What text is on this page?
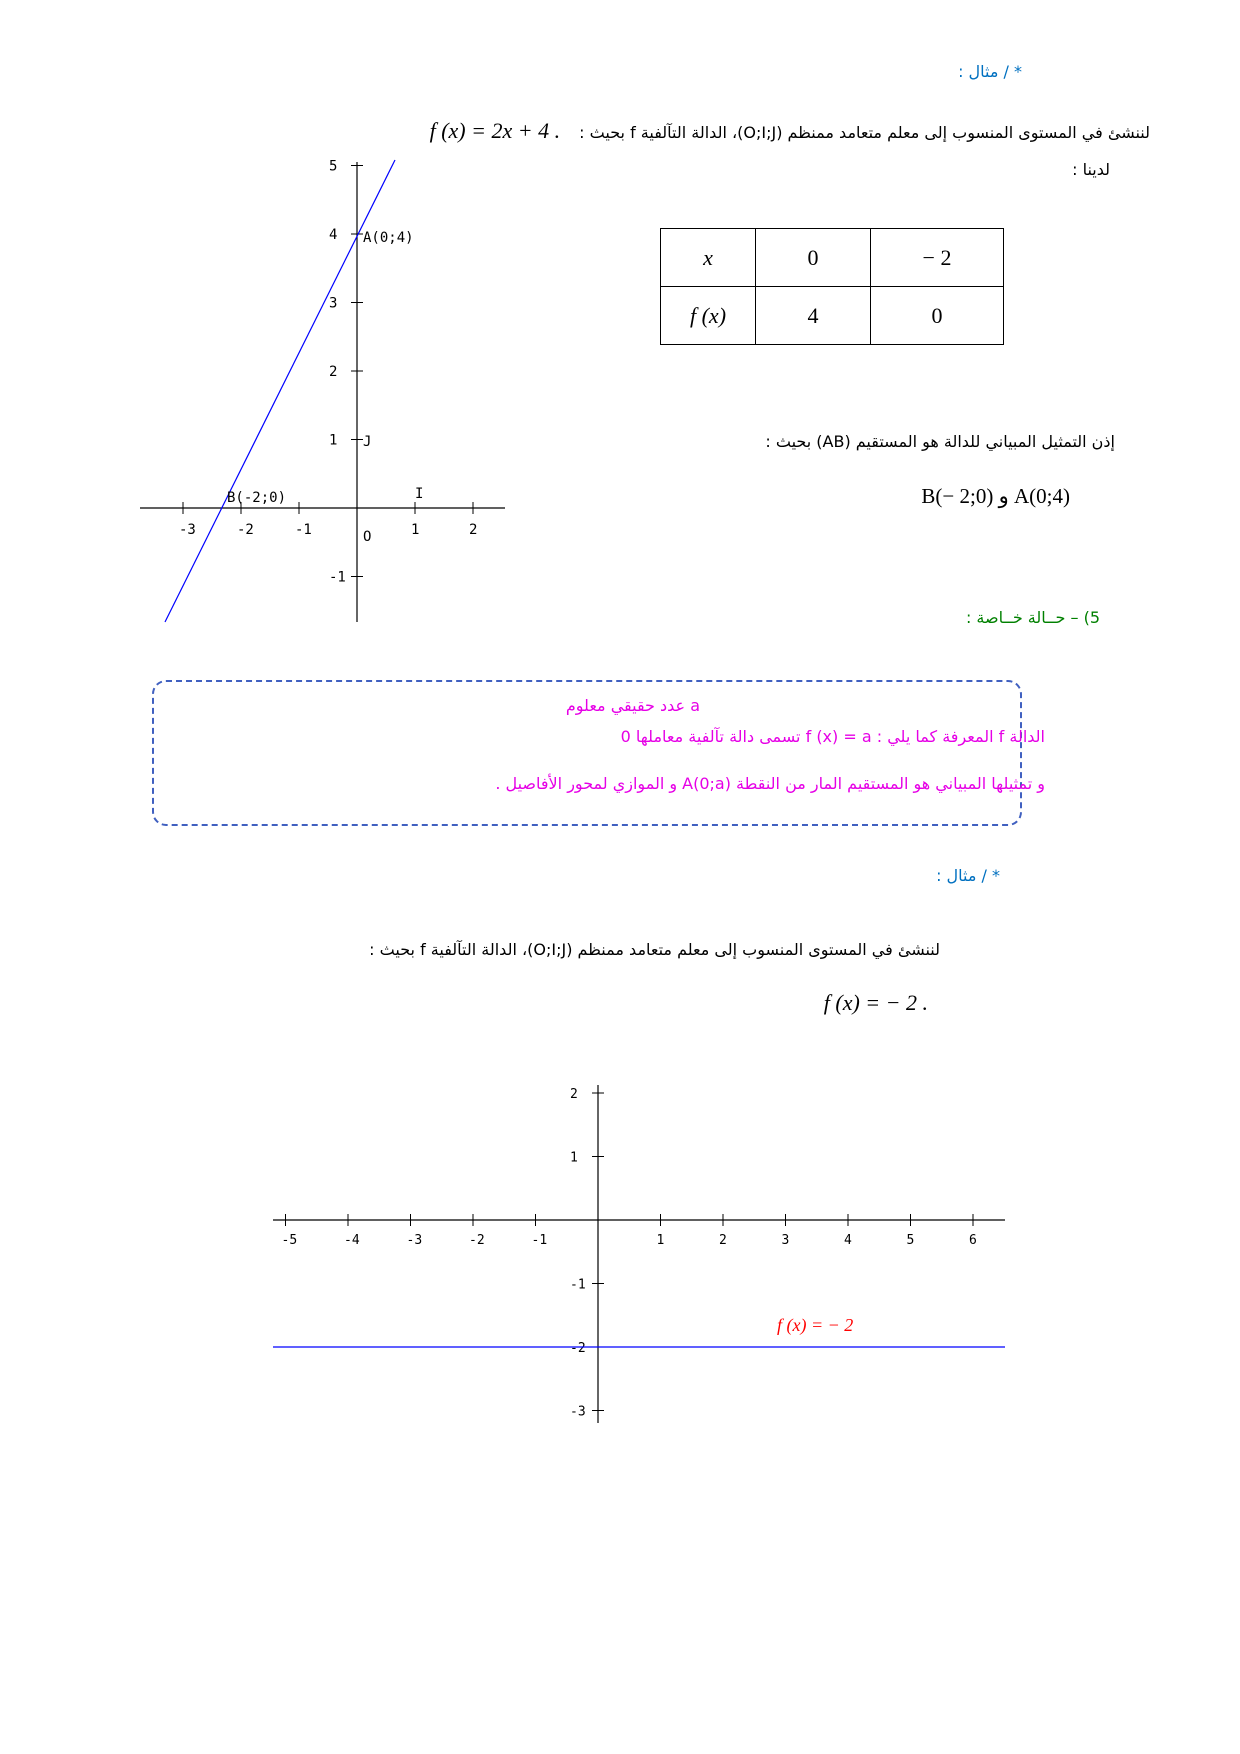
* / مثال :
لننشئ في المستوى المنسوب إلى معلم متعامد ممنظم (O;I;J)، الدالة التآلفية f بحيث : . f (x) = 2x + 4
لدينا :
x	0	− 2
f (x)	4	0
إذن التمثيل المبياني للدالة هو المستقيم (AB) بحيث :
A(0;4) و B(− 2;0)
-3	-2	-1	1	2
5
4
3
2
1
-1
O
I
J
A(0;4)
B(-2;0)
5) – حــالة خــاصة :
a عدد حقيقي معلوم
الدالة f المعرفة كما يلي : f (x) = a تسمى دالة تآلفية معاملها 0
و تمثيلها المبياني هو المستقيم المار من النقطة A(0;a) و الموازي لمحور الأفاصيل .
* / مثال :
لننشئ في المستوى المنسوب إلى معلم متعامد ممنظم (O;I;J)، الدالة التآلفية f بحيث :
. f (x) = − 2
-5	-4	-3	-2	-1	1	2	3	4	5	6
2
1
-1
-2
-3
f (x) = − 2
